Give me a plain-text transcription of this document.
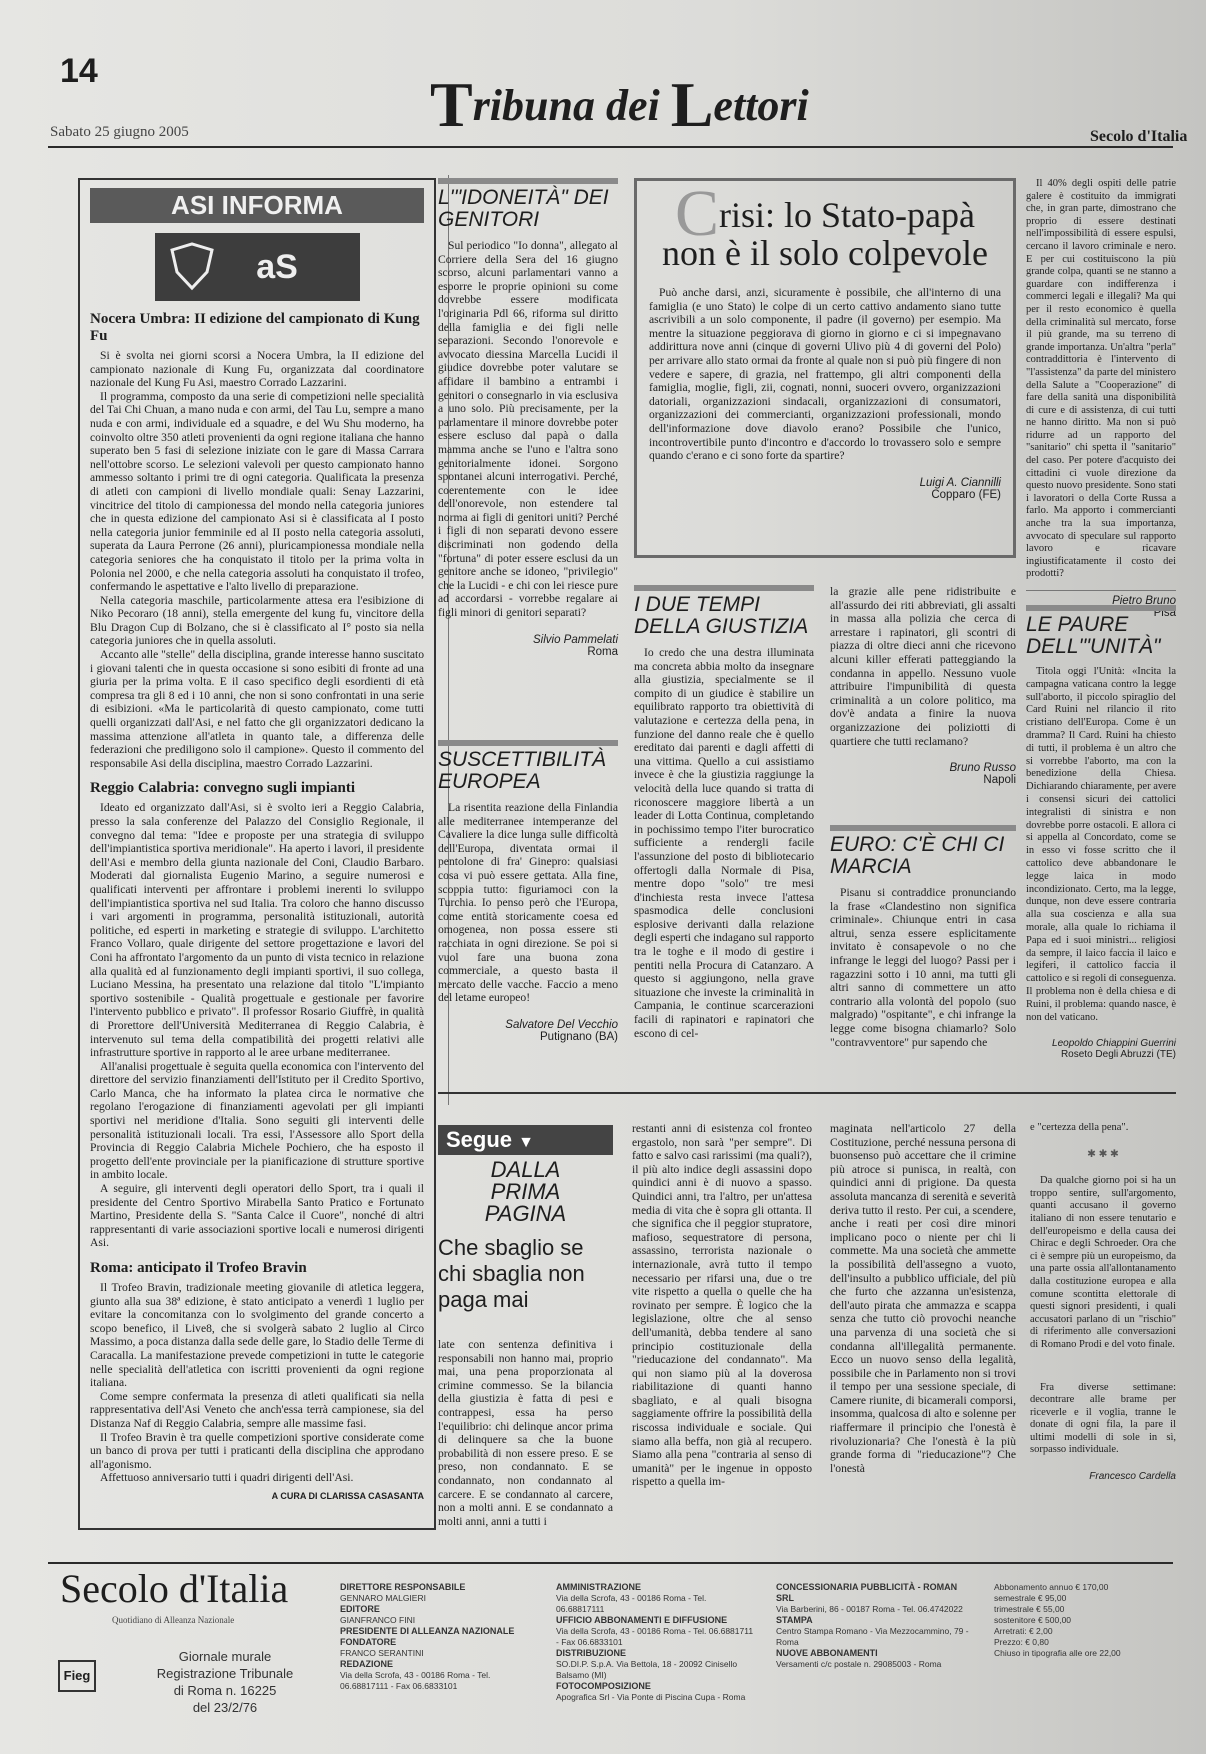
14	Tribuna dei Lettori
Sabato 25 giugno 2005	Secolo d'Italia
ASI INFORMA
aS
Nocera Umbra: II edizione del campionato di Kung Fu

Si è svolta nei giorni scorsi a Nocera Umbra, la II edizione del campionato nazionale di Kung Fu, organizzata dal coordinatore nazionale del Kung Fu Asi, maestro Corrado Lazzarini.

Il programma, composto da una serie di competizioni nelle specialità del Tai Chi Chuan, a mano nuda e con armi, del Tau Lu, sempre a mano nuda e con armi, individuale ed a squadre, e del Wu Shu moderno, ha coinvolto oltre 350 atleti provenienti da ogni regione italiana che hanno superato ben 5 fasi di selezione iniziate con le gare di Massa Carrara nell'ottobre scorso. Le selezioni valevoli per questo campionato hanno ammesso soltanto i primi tre di ogni categoria. Qualificata la presenza di atleti con campioni di livello mondiale quali: Senay Lazzarini, vincitrice del titolo di campionessa del mondo nella categoria juniores che in questa edizione del campionato Asi si è classificata al I posto nella categoria junior femminile ed al II posto nella categoria assoluti, superata da Laura Perrone (26 anni), pluricampionessa mondiale nella categoria seniores che ha conquistato il titolo per la prima volta in Polonia nel 2000, e che nella categoria assoluti ha conquistato il trofeo, confermando le aspettative e l'alto livello di preparazione.

Nella categoria maschile, particolarmente attesa era l'esibizione di Niko Pecoraro (18 anni), stella emergente del kung fu, vincitore della Blu Dragon Cup di Bolzano, che si è classificato al I° posto sia nella categoria juniores che in quella assoluti.

Accanto alle "stelle" della disciplina, grande interesse hanno suscitato i giovani talenti che in questa occasione si sono esibiti di fronte ad una giuria per la prima volta. E il caso specifico degli esordienti di età compresa tra gli 8 ed i 10 anni, che non si sono confrontati in una serie di esibizioni. «Ma le particolarità di questo campionato, come tutti quelli organizzati dall'Asi, e nel fatto che gli organizzatori dedicano la massima attenzione all'atleta in quanto tale, a differenza delle federazioni che prediligono solo il campione». Questo il commento del responsabile Asi della disciplina, maestro Corrado Lazzarini.

Reggio Calabria: convegno sugli impianti

Ideato ed organizzato dall'Asi, si è svolto ieri a Reggio Calabria, presso la sala conferenze del Palazzo del Consiglio Regionale, il convegno dal tema: "Idee e proposte per una strategia di sviluppo dell'impiantistica sportiva meridionale". Ha aperto i lavori, il presidente dell'Asi e membro della giunta nazionale del Coni, Claudio Barbaro. Moderati dal giornalista Eugenio Marino, a seguire numerosi e qualificati interventi per affrontare i problemi inerenti lo sviluppo dell'impiantistica sportiva nel sud Italia. Tra coloro che hanno discusso i vari argomenti in programma, personalità istituzionali, autorità politiche, ed esperti in marketing e strategie di sviluppo. L'architetto Franco Vollaro, quale dirigente del settore progettazione e lavori del Coni ha affrontato l'argomento da un punto di vista tecnico in relazione alla qualità ed al funzionamento degli impianti sportivi, il suo collega, Luciano Messina, ha presentato una relazione dal titolo "L'impianto sportivo sostenibile - Qualità progettuale e gestionale per favorire l'intervento pubblico e privato". Il professor Rosario Giuffrè, in qualità di Prorettore dell'Università Mediterranea di Reggio Calabria, è intervenuto sul tema della compatibilità dei progetti relativi alle infrastrutture sportive in rapporto al le aree urbane mediterranee.

All'analisi progettuale è seguita quella economica con l'intervento del direttore del servizio finanziamenti dell'Istituto per il Credito Sportivo, Carlo Manca, che ha informato la platea circa le normative che regolano l'erogazione di finanziamenti agevolati per gli impianti sportivi nel meridione d'Italia. Sono seguiti gli interventi delle personalità istituzionali locali. Tra essi, l'Assessore allo Sport della Provincia di Reggio Calabria Michele Pochiero, che ha esposto il progetto dell'ente provinciale per la pianificazione di strutture sportive in ambito locale.

A seguire, gli interventi degli operatori dello Sport, tra i quali il presidente del Centro Sportivo Mirabella Santo Pratico e Fortunato Martino, Presidente della S. "Santa Calce il Cuore", nonché di altri rappresentanti di varie associazioni sportive locali e numerosi dirigenti Asi.

Roma: anticipato il Trofeo Bravin

Il Trofeo Bravin, tradizionale meeting giovanile di atletica leggera, giunto alla sua 38ª edizione, è stato anticipato a venerdì 1 luglio per evitare la concomitanza con lo svolgimento del grande concerto a scopo benefico, il Live8, che si svolgerà sabato 2 luglio al Circo Massimo, a poca distanza dalla sede delle gare, lo Stadio delle Terme di Caracalla. La manifestazione prevede competizioni in tutte le categorie nelle specialità dell'atletica con iscritti provenienti da ogni regione italiana.

Come sempre confermata la presenza di atleti qualificati sia nella rappresentativa dell'Asi Veneto che anch'essa terrà campionese, sia del Distanza Naf di Reggio Calabria, sempre alle massime fasi.

Il Trofeo Bravin è tra quelle competizioni sportive considerate come un banco di prova per tutti i praticanti della disciplina che approdano all'agonismo.

Affettuoso anniversario tutti i quadri dirigenti dell'Asi.

A CURA DI CLARISSA CASASANTA
L'"IDONEITÀ" DEI GENITORI

Sul periodico "Io donna", allegato al Corriere della Sera del 16 giugno scorso, alcuni parlamentari vanno a esporre le proprie opinioni su come dovrebbe essere modificata l'originaria Pdl 66, riforma sul diritto della famiglia e dei figli nelle separazioni. Secondo l'onorevole e avvocato diessina Marcella Lucidi il giudice dovrebbe poter valutare se affidare il bambino a entrambi i genitori o consegnarlo in via esclusiva a uno solo. Più precisamente, per la parlamentare il minore dovrebbe poter essere escluso dal papà o dalla mamma anche se l'uno e l'altra sono genitorialmente idonei. Sorgono spontanei alcuni interrogativi. Perché, coerentemente con le idee dell'onorevole, non estendere tal norma ai figli di genitori uniti? Perché i figli di non separati devono essere discriminati non godendo della "fortuna" di poter essere esclusi da un genitore anche se idoneo, "privilegio" che la Lucidi - e chi con lei riesce pure ad accordarsi - vorrebbe regalare ai figli minori di genitori separati?

Silvio Pammelati
Roma
SUSCETTIBILITÀ EUROPEA

La risentita reazione della Finlandia alle mediterranee intemperanze del Cavaliere la dice lunga sulle difficoltà dell'Europa, diventata ormai il pentolone di fra' Ginepro: qualsiasi cosa vi può essere gettata. Alla fine, scoppia tutto: figuriamoci con la Turchia. Io penso però che l'Europa, come entità storicamente coesa ed omogenea, non possa essere sti racchiata in ogni direzione. Se poi si vuol fare una buona zona commerciale, a questo basta il mercato delle vacche. Faccio a meno del letame europeo!

Salvatore Del Vecchio
Putignano (BA)
Crisi: lo Stato-papà
non è il solo colpevole

Può anche darsi, anzi, sicuramente è possibile, che all'interno di una famiglia (e uno Stato) le colpe di un certo cattivo andamento siano tutte ascrivibili a un solo componente, il padre (il governo) per esempio. Ma mentre la situazione peggiorava di giorno in giorno e ci si impegnavano addirittura nove anni (cinque di governi Ulivo più 4 di governi del Polo) per arrivare allo stato ormai da fronte al quale non si può più fingere di non vedere e sapere, di grazia, nel frattempo, gli altri componenti della famiglia, moglie, figli, zii, cognati, nonni, suoceri ovvero, organizzazioni datoriali, organizzazioni sindacali, organizzazioni di consumatori, organizzazioni dei commercianti, organizzazioni professionali, mondo dell'informazione dove diavolo erano? Possibile che l'unico, incontrovertibile punto d'incontro e d'accordo lo trovassero solo e sempre quando c'erano e ci sono forte da spartire?

Luigi A. Ciannilli
Copparo (FE)

Il 40% degli ospiti delle patrie galere è costituito da immigrati che, in gran parte, dimostrano che proprio di essere destinati nell'impossibilità di essere espulsi, cercano il lavoro criminale e nero. E per cui costituiscono la più grande colpa, quanti se ne stanno a guardare con indifferenza i commerci legali e illegali? Ma qui per il resto economico è quella della criminalità sul mercato, forse il più grande, ma su terreno di grande importanza. Un'altra "perla" contraddittoria è l'intervento di "l'assistenza" da parte del ministero della Salute a "Cooperazione" di fare della sanità una disponibilità di cure e di assistenza, di cui tutti ne hanno diritto. Ma non si può ridurre ad un rapporto del "sanitario" chi spetta il "sanitario" del caso. Per potere d'acquisto dei cittadini ci vuole direzione da questo nuovo presidente. Sono stati i lavoratori o della Corte Russa a farlo. Ma apporto i commercianti anche tra la sua importanza, avvocato di speculare sul rapporto lavoro e ricavare ingiustificatamente il costo dei prodotti?

Pietro Bruno
Pisa
I DUE TEMPI DELLA GIUSTIZIA

Io credo che una destra illuminata ma concreta abbia molto da insegnare alla giustizia, specialmente se il compito di un giudice è stabilire un equilibrato rapporto tra obiettività di valutazione e certezza della pena, in funzione del danno reale che è quello ereditato dai parenti e dagli affetti di una vittima. Quello a cui assistiamo invece è che la giustizia raggiunge la velocità della luce quando si tratta di riconoscere maggiore libertà a un leader di Lotta Continua, completando in pochissimo tempo l'iter burocratico sufficiente a rendergli facile l'assunzione del posto di bibliotecario offertogli dalla Normale di Pisa, mentre dopo "solo" tre mesi d'inchiesta resta invece l'attesa spasmodica delle conclusioni esplosive derivanti dalla relazione degli esperti che indagano sul rapporto tra le toghe e il modo di gestire i pentiti nella Procura di Catanzaro. A questo si aggiungono, nella grave situazione che investe la criminalità in Campania, le continue scarcerazioni facili di rapinatori e rapinatori che escono di cel-

la grazie alle pene ridistribuite e all'assurdo dei riti abbreviati, gli assalti in massa alla polizia che cerca di arrestare i rapinatori, gli scontri di piazza di oltre dieci anni che ricevono alcuni killer efferati patteggiando la condanna in appello. Nessuno vuole attribuire l'impunibilità di questa criminalità a un colore politico, ma dov'è andata a finire la nuova organizzazione dei poliziotti di quartiere che tutti reclamano?

Bruno Russo
Napoli
EURO: C'È CHI CI MARCIA

Pisanu si contraddice pronunciando la frase «Clandestino non significa criminale». Chiunque entri in casa altrui, senza essere esplicitamente invitato è consapevole o no che infrange le leggi del luogo? Passi per i ragazzini sotto i 10 anni, ma tutti gli altri sanno di commettere un atto contrario alla volontà del popolo (suo malgrado) "ospitante", e chi infrange la legge come bisogna chiamarlo? Solo "contravventore" pur sapendo che

LE PAURE DELL'"UNITÀ"

Titola oggi l'Unità: «Incita la campagna vaticana contro la legge sull'aborto, il piccolo spiraglio del Card Ruini nel rilancio il rito cristiano dell'Europa. Come è un dramma? Il Card. Ruini ha chiesto di tutti, il problema è un altro che si vorrebbe l'aborto, ma con la benedizione della Chiesa. Dichiarando chiaramente, per avere i consensi sicuri dei cattolici integralisti di sinistra e non dovrebbe porre ostacoli. E allora ci si appella al Concordato, come se in esso vi fosse scritto che il cattolico deve abbandonare le legge laica in modo incondizionato. Certo, ma la legge, dunque, non deve essere contraria alla sua coscienza e alla sua morale, alla quale lo richiama il Papa ed i suoi ministri... religiosi da sempre, il laico faccia il laico e legiferi, il cattolico faccia il cattolico e si regoli di conseguenza. Il problema non è della chiesa e di Ruini, il problema: quando nasce, è non del vaticano.

Leopoldo Chiappini Guerrini
Roseto Degli Abruzzi (TE)
Segue ▼
DALLA
PRIMA
PAGINA
Che sbaglio se chi sbaglia non paga mai

late con sentenza definitiva i responsabili non hanno mai, proprio mai, una pena proporzionata al crimine commesso. Se la bilancia della giustizia è fatta di pesi e contrappesi, essa ha perso l'equilibrio: chi delinque ancor prima di delinquere sa che la buone probabilità di non essere preso. E se preso, non condannato. E se condannato, non condannato al carcere. E se condannato al carcere, non a molti anni. E se condannato a molti anni, anni a tutti i

restanti anni di esistenza col fronteo ergastolo, non sarà "per sempre". Di fatto e salvo casi rarissimi (ma quali?), il più alto indice degli assassini dopo quindici anni è di nuovo a spasso. Quindici anni, tra l'altro, per un'attesa media di vita che è sopra gli ottanta. Il che significa che il peggior stupratore, mafioso, sequestratore di persona, assassino, terrorista nazionale o internazionale, avrà tutto il tempo necessario per rifarsi una, due o tre vite rispetto a quella o quelle che ha rovinato per sempre. È logico che la legislazione, oltre che al senso dell'umanità, debba tendere al sano principio costituzionale della "rieducazione del condannato". Ma qui non siamo più al la doverosa riabilitazione di quanti hanno sbagliato, e al quali bisogna saggiamente offrire la possibilità della riscossa individuale e sociale. Qui siamo alla beffa, non già al recupero. Siamo alla pena "contraria al senso di umanità" per le ingenue in opposto rispetto a quella im-

maginata nell'articolo 27 della Costituzione, perché nessuna persona di buonsenso può accettare che il crimine più atroce si punisca, in realtà, con quindici anni di prigione. Da questa assoluta mancanza di serenità e severità deriva tutto il resto. Per cui, a scendere, anche i reati per così dire minori implicano poco o niente per chi li commette. Ma una società che ammette la possibilità dell'assegno a vuoto, dell'insulto a pubblico ufficiale, del più che furto che azzanna un'esistenza, dell'auto pirata che ammazza e scappa senza che tutto ciò provochi neanche una parvenza di una società che si condanna all'illegalità permanente. Ecco un nuovo senso della legalità, possibile che in Parlamento non si trovi il tempo per una sessione speciale, di Camere riunite, di bicamerali comporsi, insomma, qualcosa di alto e solenne per riaffermare il principio che l'onestà è rivoluzionaria? Che l'onestà è la più grande forma di "rieducazione"? Che l'onestà

e "certezza della pena".

✱ ✱ ✱

Da qualche giorno poi si ha un troppo sentire, sull'argomento, quanti accusano il governo italiano di non essere tenutario e dell'europeismo e della causa dei Chirac e degli Schroeder. Ora che ci è sempre più un europeismo, da una parte ossia all'allontanamento dalla costituzione europea e alla comune scontitta elettorale di questi signori presidenti, i quali accusatori parlano di un "rischio" di riferimento alle conversazioni di Romano Prodi e del voto finale.

Fra diverse settimane: decontrare alle brame per riceverle e il voglia, tranne le donate di ogni fila, la pare il ultimi modelli di sole in sì, sorpasso individuale.

Francesco Cardella
Secolo d'Italia
Quotidiano di Alleanza Nazionale
Fieg
Giornale murale
Registrazione Tribunale
di Roma n. 16225
del 23/2/76
DIRETTORE RESPONSABILE
GENNARO MALGIERI
EDITORE
GIANFRANCO FINI
PRESIDENTE DI ALLEANZA NAZIONALE
FONDATORE
FRANCO SERANTINI
REDAZIONE
Via della Scrofa, 43 - 00186 Roma - Tel. 06.68817111 - Fax 06.6833101
AMMINISTRAZIONE
Via della Scrofa, 43 - 00186 Roma - Tel. 06.68817111
UFFICIO ABBONAMENTI E DIFFUSIONE
Via della Scrofa, 43 - 00186 Roma - Tel. 06.6881711 - Fax 06.6833101
DISTRIBUZIONE
SO.DI.P. S.p.A. Via Bettola, 18 - 20092 Cinisello Balsamo (MI)
FOTOCOMPOSIZIONE
Apografica Srl - Via Ponte di Piscina Cupa - Roma
CONCESSIONARIA PUBBLICITÀ - ROMAN SRL
Via Barberini, 86 - 00187 Roma - Tel. 06.4742022
STAMPA
Centro Stampa Romano - Via Mezzocammino, 79 - Roma
NUOVE ABBONAMENTI
Versamenti c/c postale n. 29085003 - Roma
Abbonamento annuo € 170,00
semestrale € 95,00
trimestrale € 55,00
sostenitore € 500,00
Arretrati: € 2,00
Prezzo: € 0,80
Chiuso in tipografia alle ore 22,00
